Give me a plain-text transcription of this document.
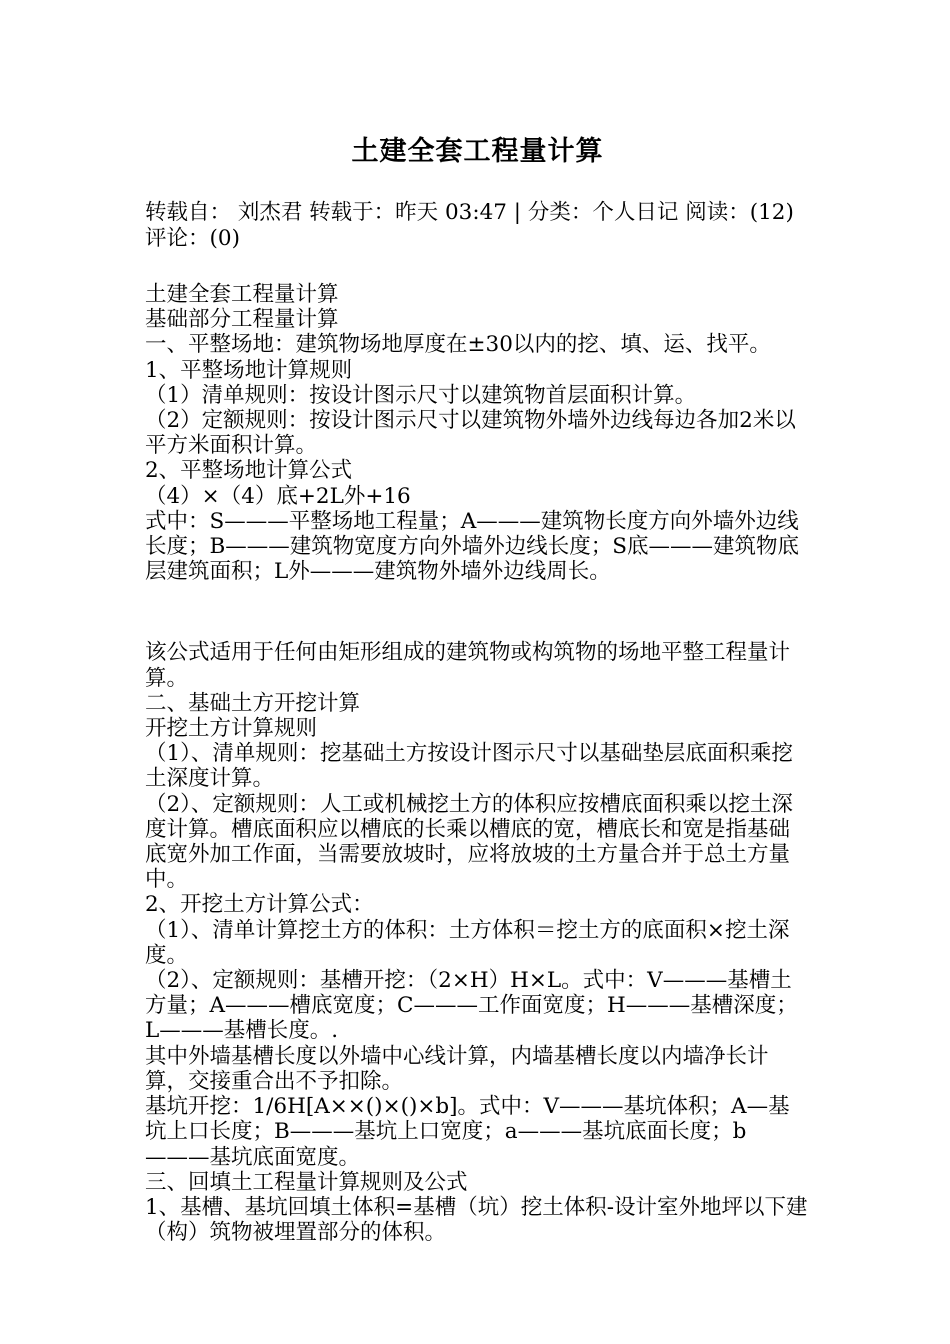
土建全套工程量计算
转载自： 刘杰君 转载于：昨天 03:47 | 分类：个人日记 阅读：(12) 评论：(0)

土建全套工程量计算

基础部分工程量计算

一、平整场地：建筑物场地厚度在±30以内的挖、填、运、找平。

1、平整场地计算规则

（1）清单规则：按设计图示尺寸以建筑物首层面积计算。

（2）定额规则：按设计图示尺寸以建筑物外墙外边线每边各加2米以平方米面积计算。

2、平整场地计算公式

（4）×（4）底+2L外+16

式中：S———平整场地工程量；A———建筑物长度方向外墙外边线长度；B———建筑物宽度方向外墙外边线长度；S底———建筑物底层建筑面积；L外———建筑物外墙外边线周长。

该公式适用于任何由矩形组成的建筑物或构筑物的场地平整工程量计算。

二、基础土方开挖计算

开挖土方计算规则

（1）、清单规则：挖基础土方按设计图示尺寸以基础垫层底面积乘挖土深度计算。

（2）、定额规则：人工或机械挖土方的体积应按槽底面积乘以挖土深度计算。槽底面积应以槽底的长乘以槽底的宽，槽底长和宽是指基础底宽外加工作面，当需要放坡时，应将放坡的土方量合并于总土方量中。

2、开挖土方计算公式：

（1）、清单计算挖土方的体积：土方体积＝挖土方的底面积×挖土深度。

（2）、定额规则：基槽开挖：（2×H）H×L。式中：V———基槽土方量；A———槽底宽度；C———工作面宽度；H———基槽深度；L———基槽长度。.

其中外墙基槽长度以外墙中心线计算，内墙基槽长度以内墙净长计算，交接重合出不予扣除。

基坑开挖：1/6H[A××()×()×b]。式中：V———基坑体积；A—基坑上口长度；B———基坑上口宽度；a———基坑底面长度；b———基坑底面宽度。

三、回填土工程量计算规则及公式

1、基槽、基坑回填土体积=基槽（坑）挖土体积-设计室外地坪以下建（构）筑物被埋置部分的体积。
